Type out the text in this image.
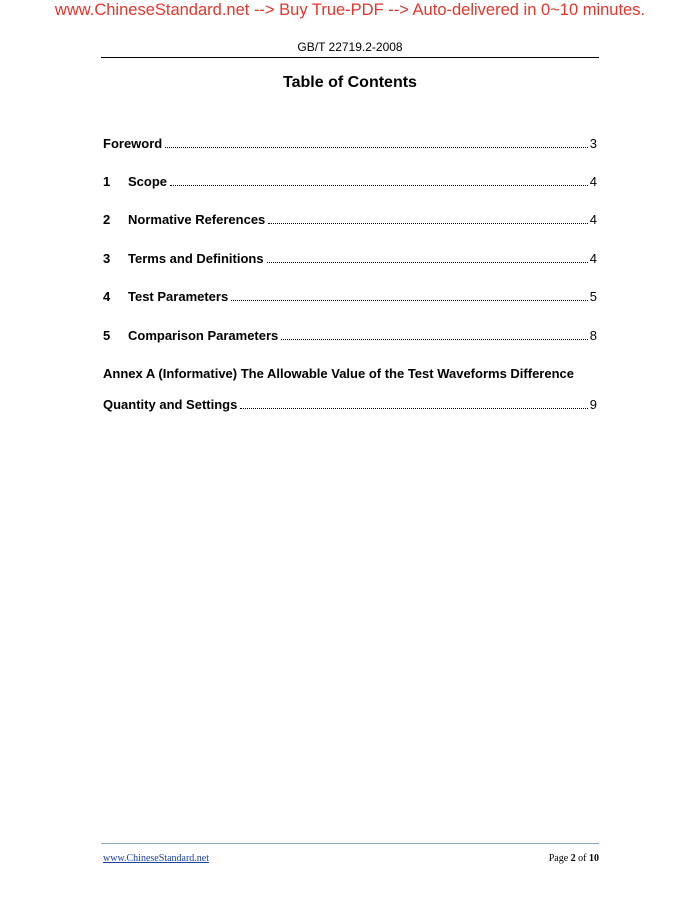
www.ChineseStandard.net --> Buy True-PDF --> Auto-delivered in 0~10 minutes.
GB/T 22719.2-2008
Table of Contents
Foreword	3
1	Scope	4
2	Normative References	4
3	Terms and Definitions	4
4	Test Parameters	5
5	Comparison Parameters	8
Annex A (Informative) The Allowable Value of the Test Waveforms Difference
Quantity and Settings	9
www.ChineseStandard.net	Page 2 of 10
